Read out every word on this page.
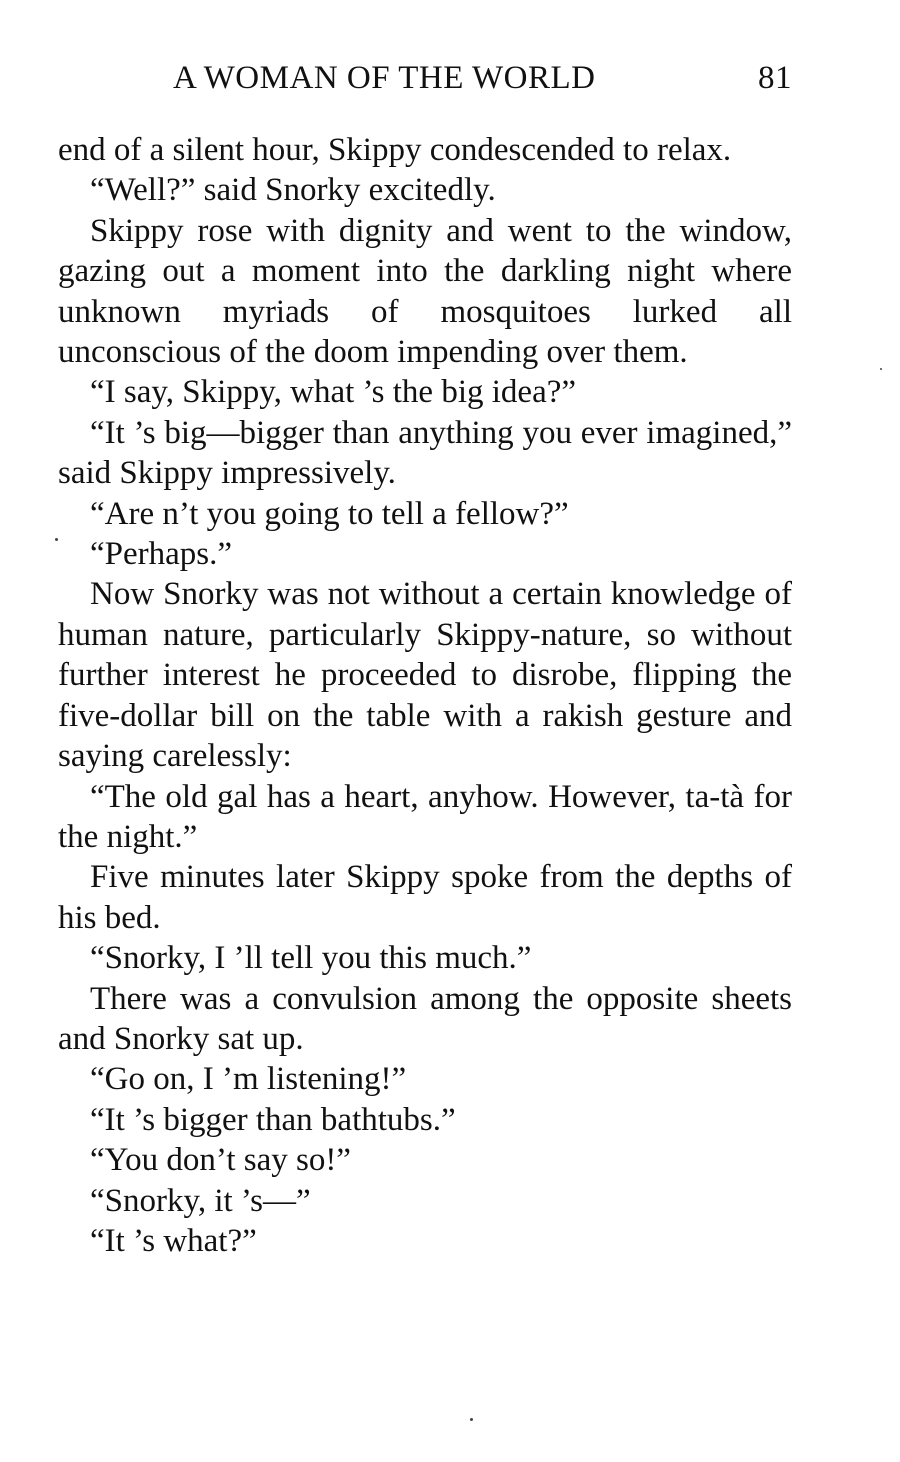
A WOMAN OF THE WORLD	81

end of a silent hour, Skippy condescended to relax.

“Well?” said Snorky excitedly.

Skippy rose with dignity and went to the window, gazing out a moment into the darkling night where unknown myriads of mosquitoes lurked all unconscious of the doom impending over them.

“I say, Skippy, what ’s the big idea?”

“It ’s big—bigger than anything you ever imagined,” said Skippy impressively.

“Are n’t you going to tell a fellow?”

“Perhaps.”

Now Snorky was not without a certain knowledge of human nature, particularly Skippy-nature, so without further interest he proceeded to disrobe, flipping the five-dollar bill on the table with a rakish gesture and saying carelessly:

“The old gal has a heart, anyhow. However, ta-tà for the night.”

Five minutes later Skippy spoke from the depths of his bed.

“Snorky, I ’ll tell you this much.”

There was a convulsion among the opposite sheets and Snorky sat up.

“Go on, I ’m listening!”

“It ’s bigger than bathtubs.”

“You don’t say so!”

“Snorky, it ’s—”

“It ’s what?”
